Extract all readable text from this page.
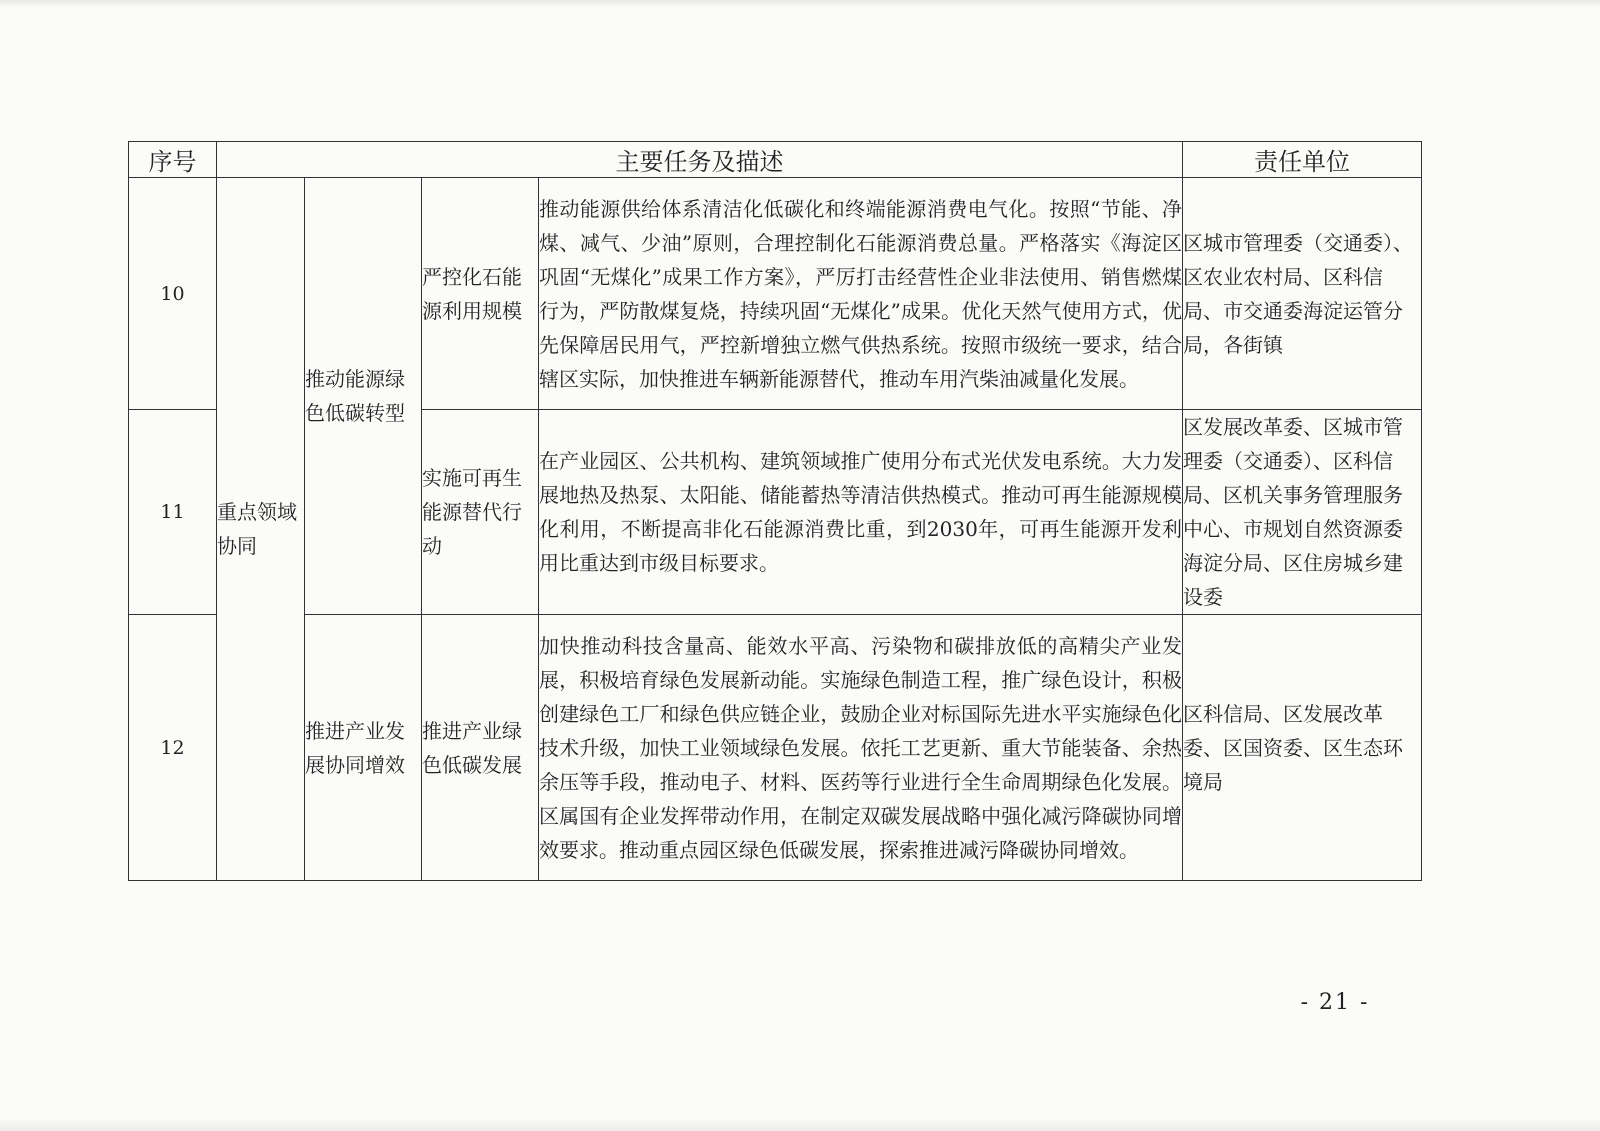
序号	主要任务及描述				责任单位
10	重点领域协同	推动能源绿色低碳转型	严控化石能源利用规模	推动能源供给体系清洁化低碳化和终端能源消费电气化。按照“节能、净煤、减气、少油”原则，合理控制化石能源消费总量。严格落实《海淀区巩固“无煤化”成果工作方案》，严厉打击经营性企业非法使用、销售燃煤行为，严防散煤复烧，持续巩固“无煤化”成果。优化天然气使用方式，优先保障居民用气，严控新增独立燃气供热系统。按照市级统一要求，结合辖区实际，加快推进车辆新能源替代，推动车用汽柴油减量化发展。	区城市管理委（交通委）、区农业农村局、区科信局、市交通委海淀运管分局，各街镇
11			实施可再生能源替代行动	在产业园区、公共机构、建筑领域推广使用分布式光伏发电系统。大力发展地热及热泵、太阳能、储能蓄热等清洁供热模式。推动可再生能源规模化利用，不断提高非化石能源消费比重，到2030年，可再生能源开发利用比重达到市级目标要求。	区发展改革委、区城市管理委（交通委）、区科信局、区机关事务管理服务中心、市规划自然资源委海淀分局、区住房城乡建设委
12		推进产业发展协同增效	推进产业绿色低碳发展	加快推动科技含量高、能效水平高、污染物和碳排放低的高精尖产业发展，积极培育绿色发展新动能。实施绿色制造工程，推广绿色设计，积极创建绿色工厂和绿色供应链企业，鼓励企业对标国际先进水平实施绿色化技术升级，加快工业领域绿色发展。依托工艺更新、重大节能装备、余热余压等手段，推动电子、材料、医药等行业进行全生命周期绿色化发展。区属国有企业发挥带动作用，在制定双碳发展战略中强化减污降碳协同增效要求。推动重点园区绿色低碳发展，探索推进减污降碳协同增效。	区科信局、区发展改革委、区国资委、区生态环境局
- 21 -
